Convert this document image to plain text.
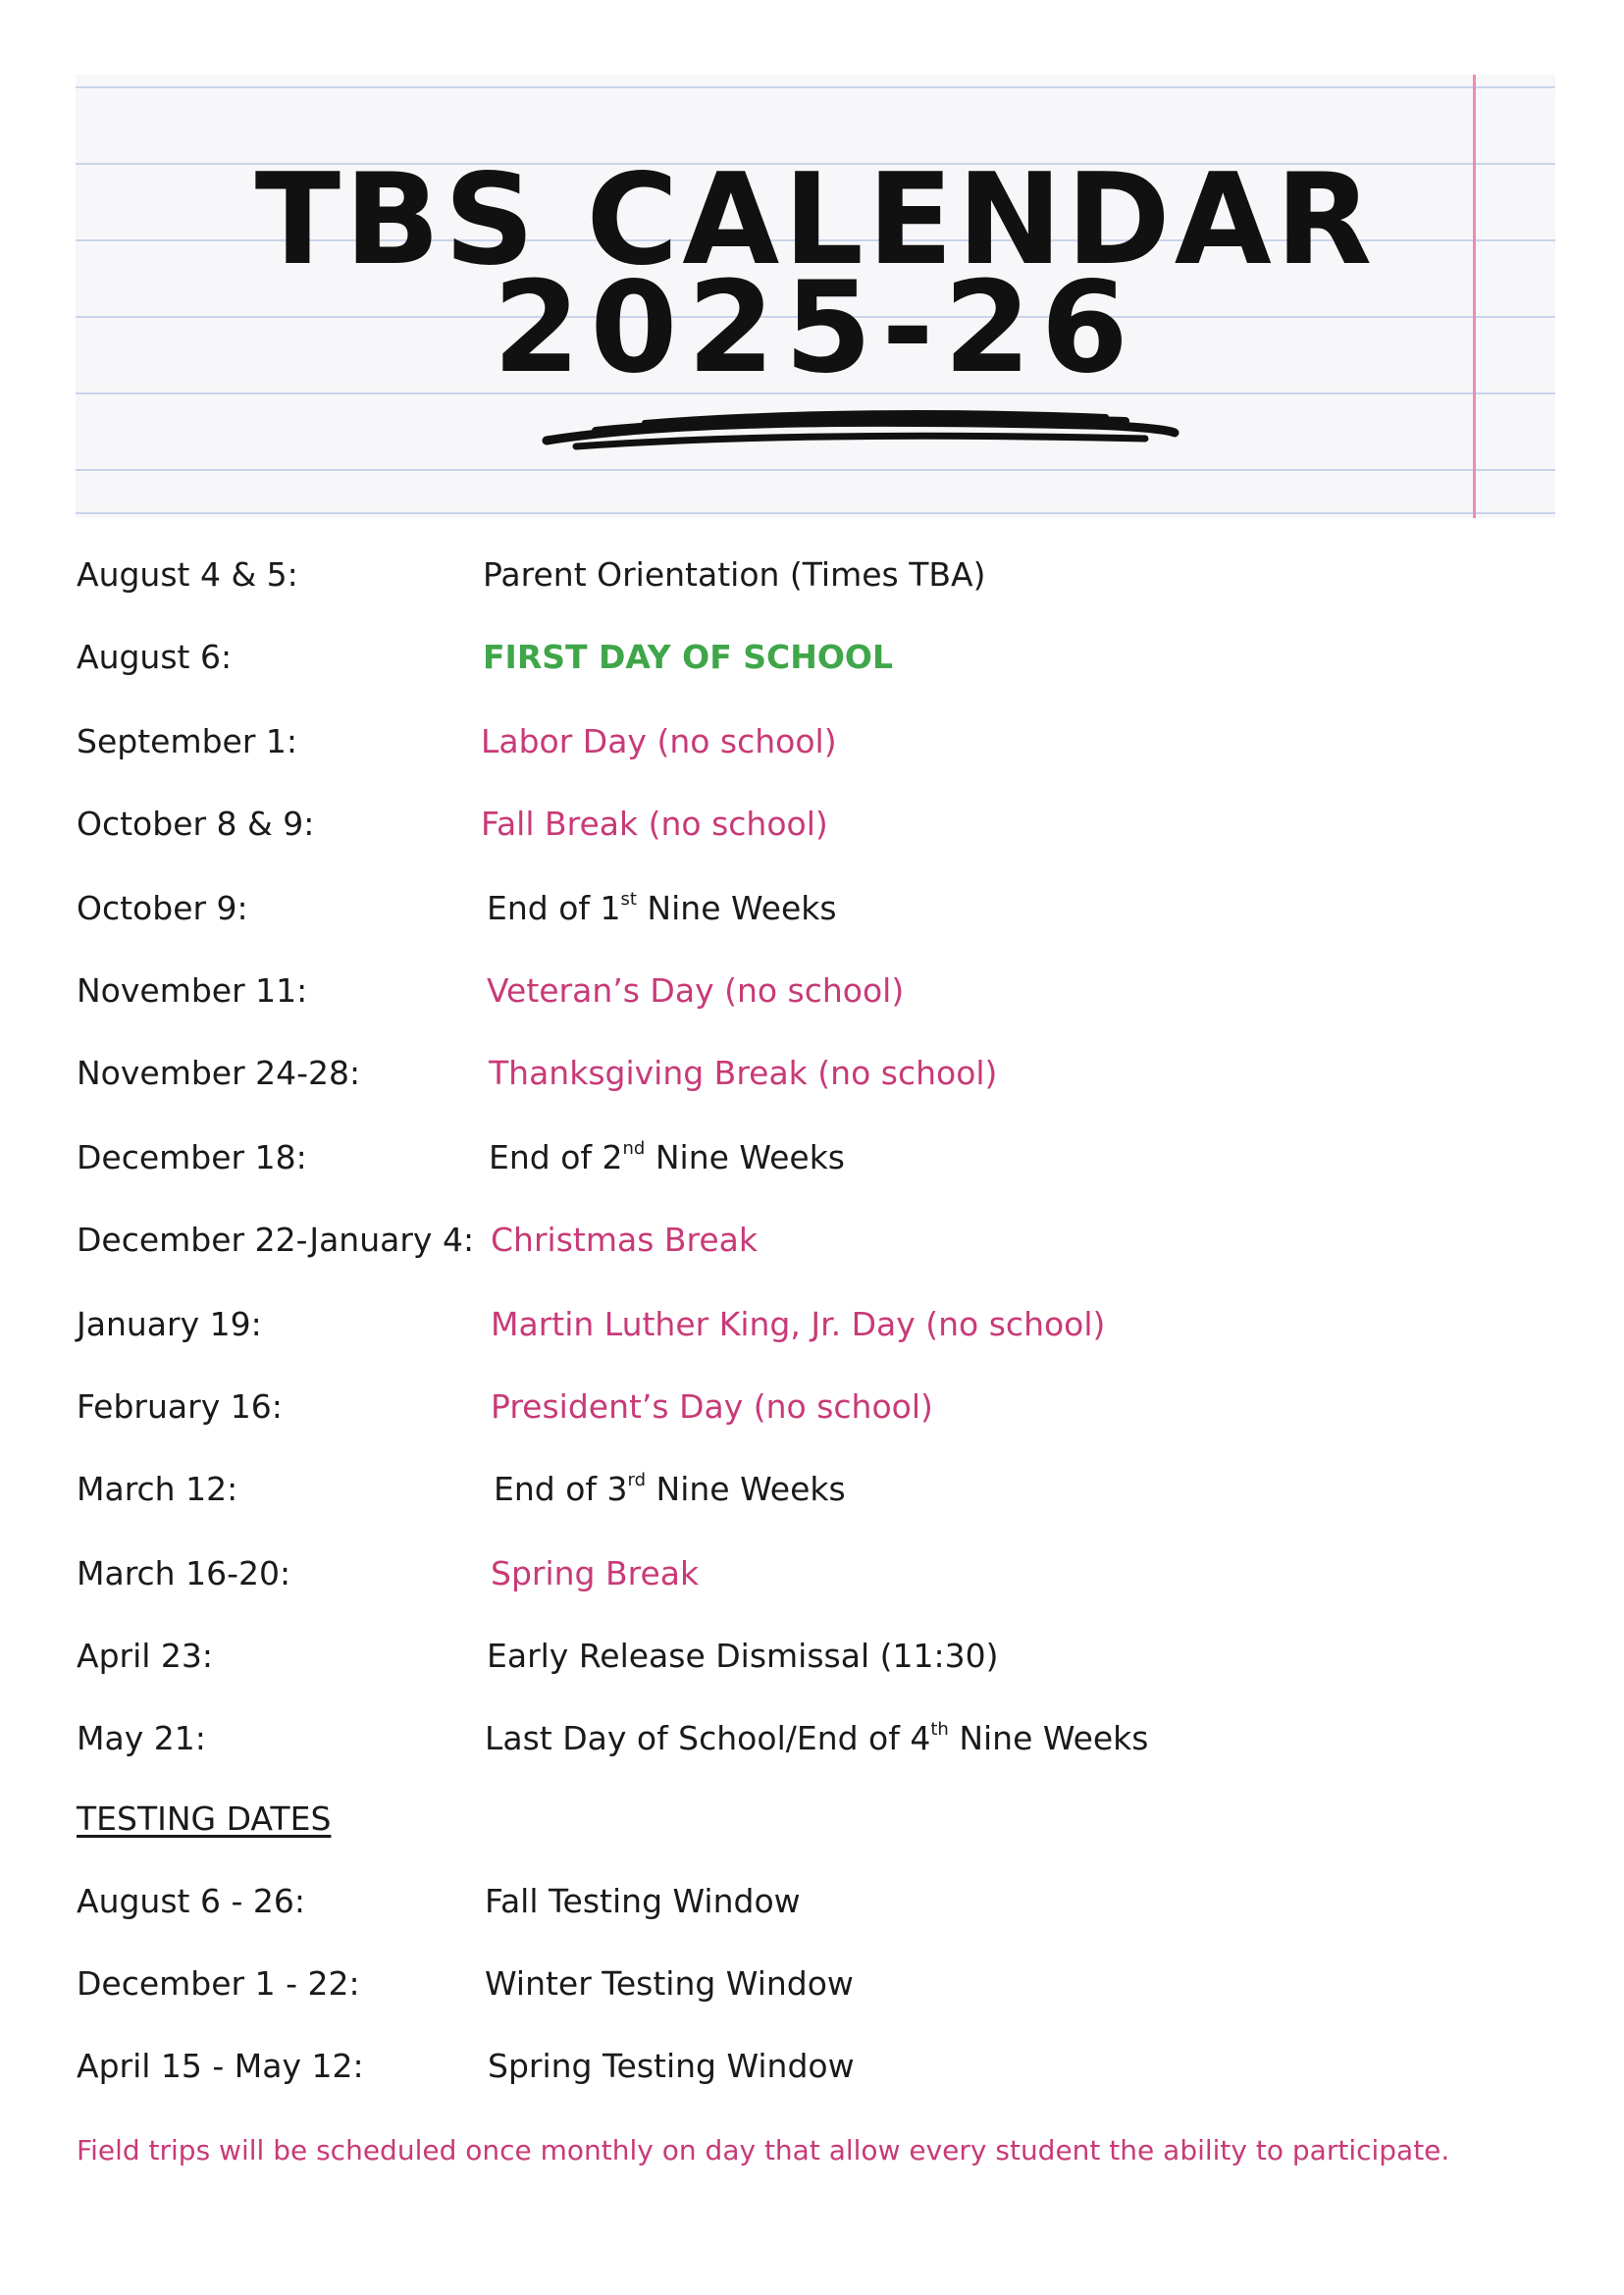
TBS CALENDAR
2025-26
August 4 & 5:	Parent Orientation (Times TBA)
August 6:	FIRST DAY OF SCHOOL
September 1:	Labor Day (no school)
October 8 & 9:	Fall Break (no school)
October 9:	End of 1st Nine Weeks
November 11:	Veteran’s Day (no school)
November 24-28:	Thanksgiving Break (no school)
December 18:	End of 2nd Nine Weeks
December 22-January 4: Christmas Break
January 19:	Martin Luther King, Jr. Day (no school)
February 16:	President’s Day (no school)
March 12:	End of 3rd Nine Weeks
March 16-20:	Spring Break
April 23:	Early Release Dismissal (11:30)
May 21:	Last Day of School/End of 4th Nine Weeks
TESTING DATES
August 6 - 26:	Fall Testing Window
December 1 - 22:	Winter Testing Window
April 15 - May 12:	Spring Testing Window
Field trips will be scheduled once monthly on day that allow every student the ability to participate.
